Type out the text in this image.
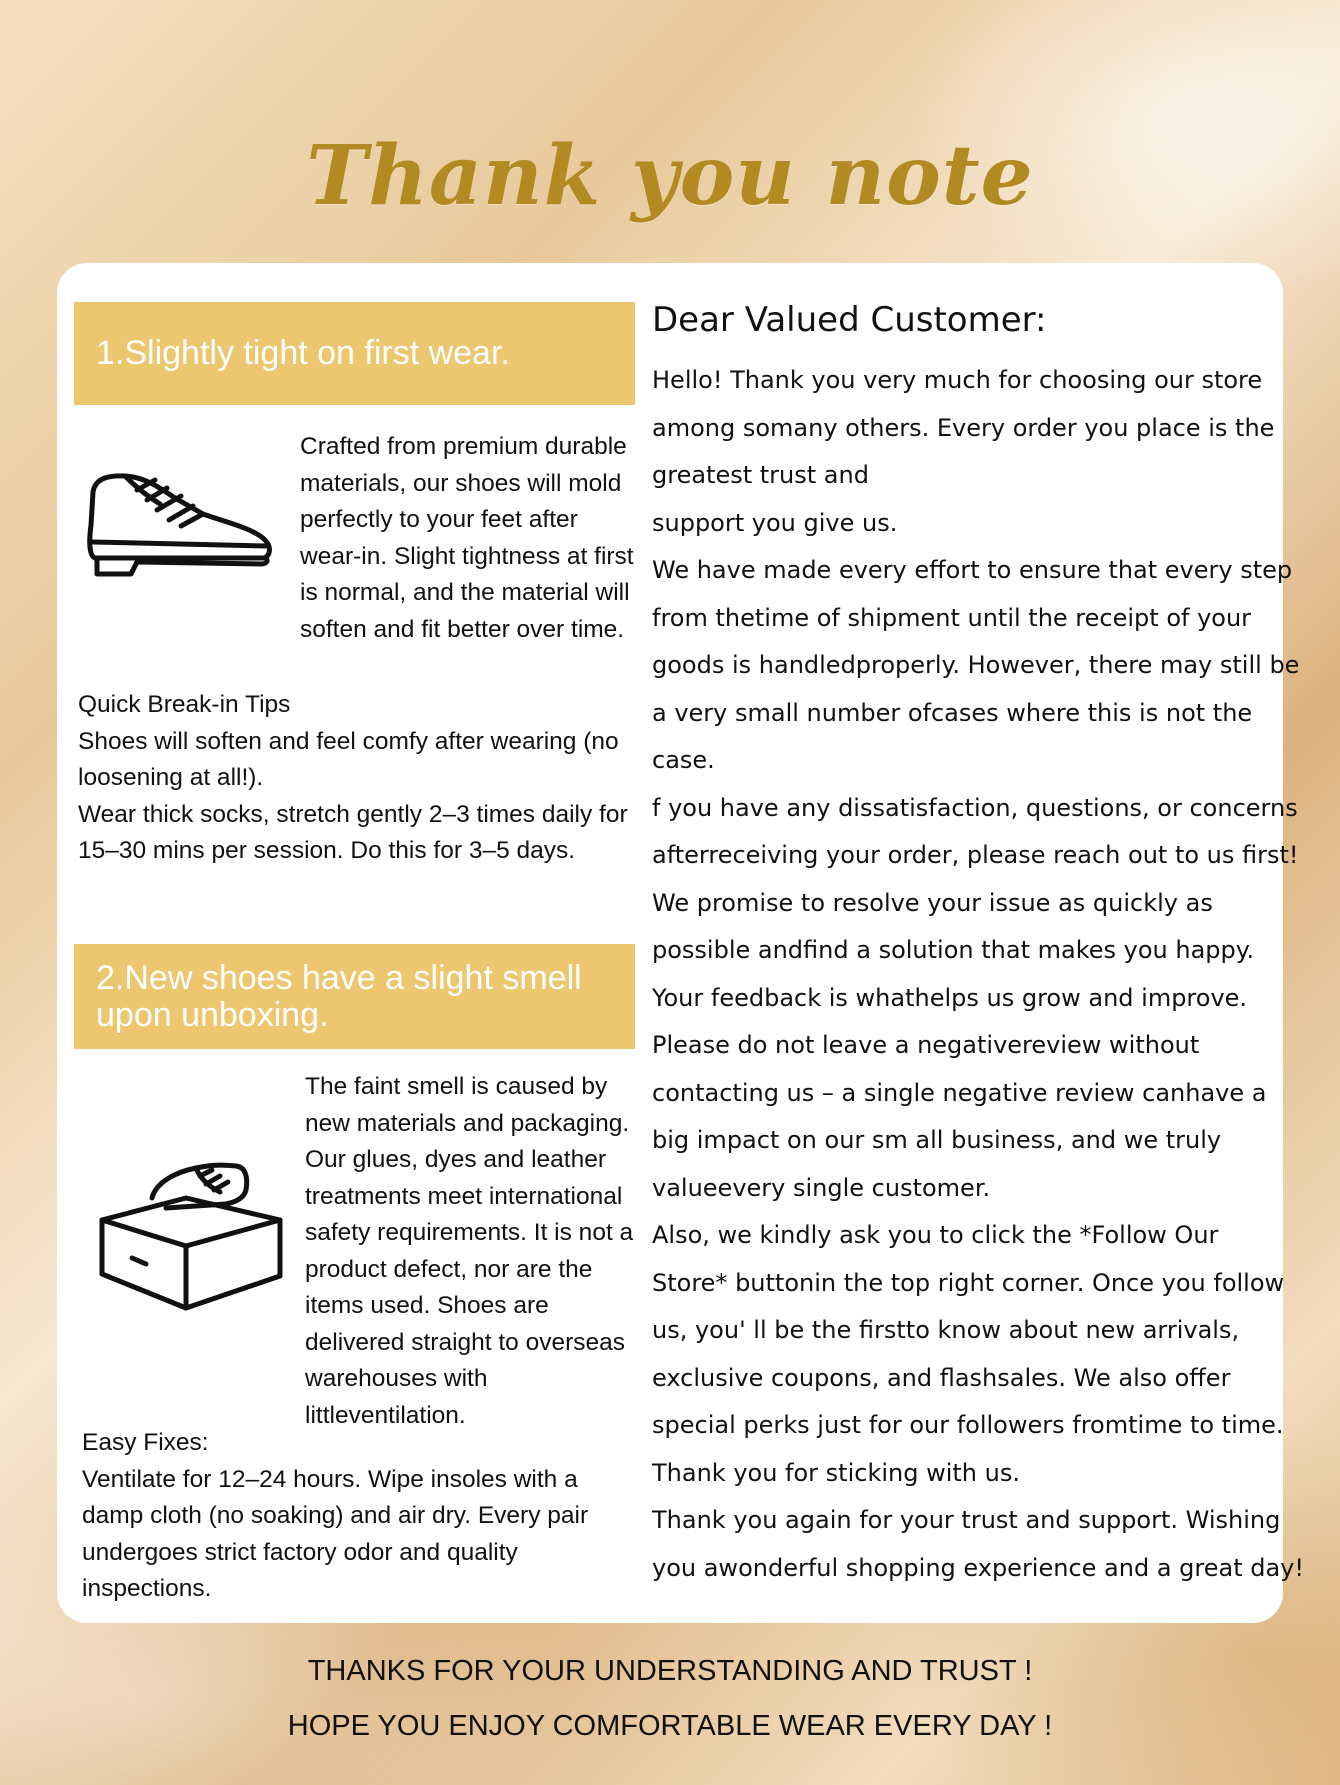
Thank you note
1.Slightly tight on first wear.

Crafted from premium durable
materials, our shoes will mold
perfectly to your feet after
wear-in. Slight tightness at first
is normal, and the material will
soften and fit better over time.

Quick Break-in Tips
Shoes will soften and feel comfy after wearing (no
loosening at all!).
Wear thick socks, stretch gently 2–3 times daily for
15–30 mins per session. Do this for 3–5 days.

2.New shoes have a slight smell
upon unboxing.

The faint smell is caused by
new materials and packaging.
Our glues, dyes and leather
treatments meet international
safety requirements. It is not a
product defect, nor are the
items used. Shoes are
delivered straight to overseas
warehouses with
littleventilation.

Easy Fixes:
Ventilate for 12–24 hours. Wipe insoles with a
damp cloth (no soaking) and air dry. Every pair
undergoes strict factory odor and quality
inspections.

Dear Valued Customer:
Hello! Thank you very much for choosing our store
among somany others. Every order you place is the
greatest trust and
support you give us.
We have made every effort to ensure that every step
from thetime of shipment until the receipt of your
goods is handledproperly. However, there may still be
a very small number ofcases where this is not the
case.
f you have any dissatisfaction, questions, or concerns
afterreceiving your order, please reach out to us first!
We promise to resolve your issue as quickly as
possible andfind a solution that makes you happy.
Your feedback is whathelps us grow and improve.
Please do not leave a negativereview without
contacting us – a single negative review canhave a
big impact on our sm all business, and we truly
valueevery single customer.
Also, we kindly ask you to click the *Follow Our
Store* buttonin the top right corner. Once you follow
us, you' ll be the firstto know about new arrivals,
exclusive coupons, and flashsales. We also offer
special perks just for our followers fromtime to time.
Thank you for sticking with us.
Thank you again for your trust and support. Wishing
you awonderful shopping experience and a great day!
THANKS FOR YOUR UNDERSTANDING AND TRUST !
HOPE YOU ENJOY COMFORTABLE WEAR EVERY DAY !
